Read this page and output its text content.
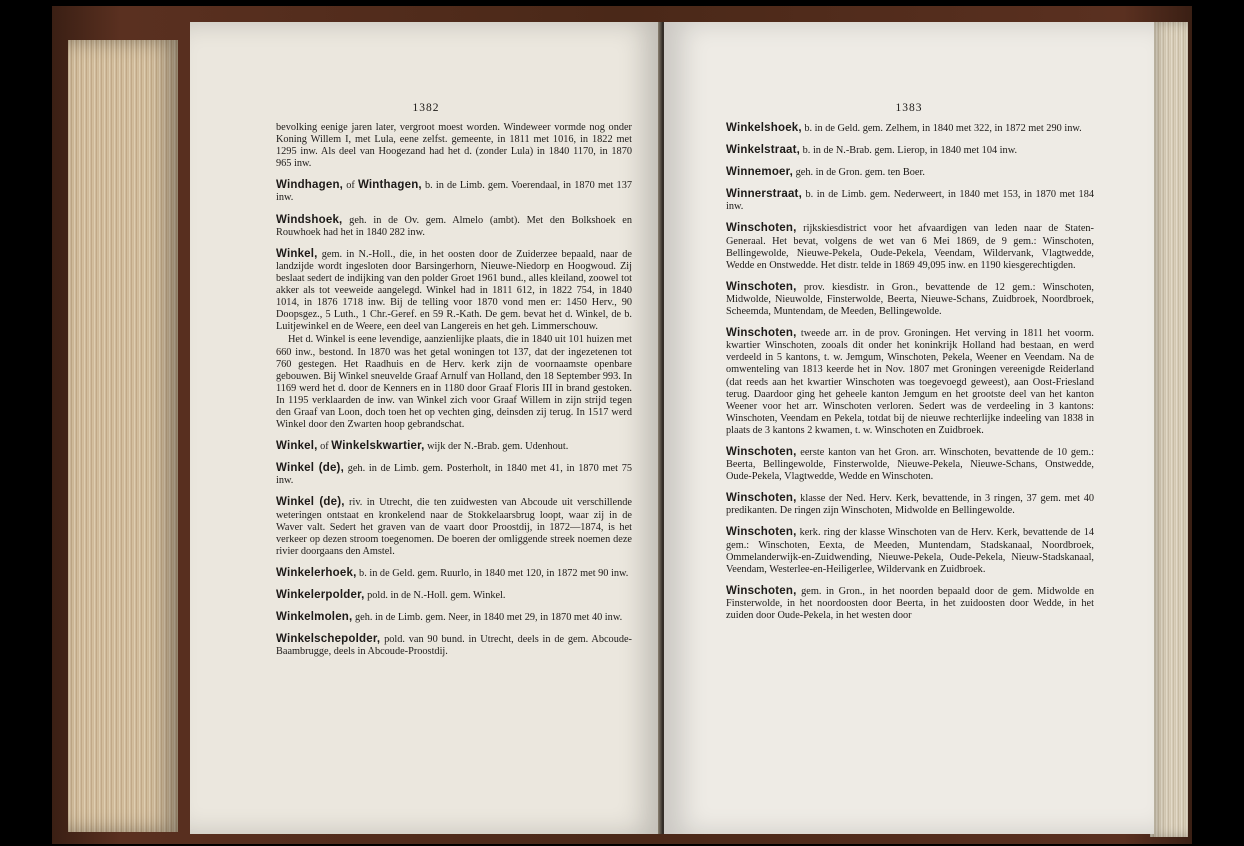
1382

bevolking eenige jaren later, vergroot moest worden. Windeweer vormde nog onder Koning Willem I, met Lula, eene zelfst. gemeente, in 1811 met 1016, in 1822 met 1295 inw. Als deel van Hoogezand had het d. (zonder Lula) in 1840 1170, in 1870 965 inw.

Windhagen, of Winthagen, b. in de Limb. gem. Voerendaal, in 1870 met 137 inw.

Windshoek, geh. in de Ov. gem. Almelo (ambt). Met den Bolkshoek en Rouwhoek had het in 1840 282 inw.

Winkel, gem. in N.-Holl., die, in het oosten door de Zuiderzee bepaald, naar de landzijde wordt ingesloten door Barsingerhorn, Nieuwe-Niedorp en Hoogwoud. Zij beslaat sedert de indijking van den polder Groet 1961 bund., alles kleiland, zoowel tot akker als tot veeweide aangelegd. Winkel had in 1811 612, in 1822 754, in 1840 1014, in 1876 1718 inw. Bij de telling voor 1870 vond men er: 1450 Herv., 90 Doopsgez., 5 Luth., 1 Chr.-Geref. en 59 R.-Kath. De gem. bevat het d. Winkel, de b. Luitjewinkel en de Weere, een deel van Langereis en het geh. Limmerschouw.

Het d. Winkel is eene levendige, aanzienlijke plaats, die in 1840 uit 101 huizen met 660 inw., bestond. In 1870 was het getal woningen tot 137, dat der ingezetenen tot 760 gestegen. Het Raadhuis en de Herv. kerk zijn de voornaamste openbare gebouwen. Bij Winkel sneuvelde Graaf Arnulf van Holland, den 18 September 993. In 1169 werd het d. door de Kenners en in 1180 door Graaf Floris III in brand gestoken. In 1195 verklaarden de inw. van Winkel zich voor Graaf Willem in zijn strijd tegen den Graaf van Loon, doch toen het op vechten ging, deinsden zij terug. In 1517 werd Winkel door den Zwarten hoop gebrandschat.

Winkel, of Winkelskwartier, wijk der N.-Brab. gem. Udenhout.

Winkel (de), geh. in de Limb. gem. Posterholt, in 1840 met 41, in 1870 met 75 inw.

Winkel (de), riv. in Utrecht, die ten zuidwesten van Abcoude uit verschillende weteringen ontstaat en kronkelend naar de Stokkelaarsbrug loopt, waar zij in de Waver valt. Sedert het graven van de vaart door Proostdij, in 1872—1874, is het verkeer op dezen stroom toegenomen. De boeren der omliggende streek noemen deze rivier doorgaans den Amstel.

Winkelerhoek, b. in de Geld. gem. Ruurlo, in 1840 met 120, in 1872 met 90 inw.

Winkelerpolder, pold. in de N.-Holl. gem. Winkel.

Winkelmolen, geh. in de Limb. gem. Neer, in 1840 met 29, in 1870 met 40 inw.

Winkelschepolder, pold. van 90 bund. in Utrecht, deels in de gem. Abcoude-Baambrugge, deels in Abcoude-Proostdij.

1383

Winkelshoek, b. in de Geld. gem. Zelhem, in 1840 met 322, in 1872 met 290 inw.

Winkelstraat, b. in de N.-Brab. gem. Lierop, in 1840 met 104 inw.

Winnemoer, geh. in de Gron. gem. ten Boer.

Winnerstraat, b. in de Limb. gem. Nederweert, in 1840 met 153, in 1870 met 184 inw.

Winschoten, rijkskiesdistrict voor het afvaardigen van leden naar de Staten-Generaal. Het bevat, volgens de wet van 6 Mei 1869, de 9 gem.: Winschoten, Bellingewolde, Nieuwe-Pekela, Oude-Pekela, Veendam, Wildervank, Vlagtwedde, Wedde en Onstwedde. Het distr. telde in 1869 49,095 inw. en 1190 kiesgerechtigden.

Winschoten, prov. kiesdistr. in Gron., bevattende de 12 gem.: Winschoten, Midwolde, Nieuwolde, Finsterwolde, Beerta, Nieuwe-Schans, Zuidbroek, Noordbroek, Scheemda, Muntendam, de Meeden, Bellingewolde.

Winschoten, tweede arr. in de prov. Groningen. Het verving in 1811 het voorm. kwartier Winschoten, zooals dit onder het koninkrijk Holland had bestaan, en werd verdeeld in 5 kantons, t. w. Jemgum, Winschoten, Pekela, Weener en Veendam. Na de omwenteling van 1813 keerde het in Nov. 1807 met Groningen vereenigde Reiderland (dat reeds aan het kwartier Winschoten was toegevoegd geweest), aan Oost-Friesland terug. Daardoor ging het geheele kanton Jemgum en het grootste deel van het kanton Weener voor het arr. Winschoten verloren. Sedert was de verdeeling in 3 kantons: Winschoten, Veendam en Pekela, totdat bij de nieuwe rechterlijke indeeling van 1838 in plaats de 3 kantons 2 kwamen, t. w. Winschoten en Zuidbroek.

Winschoten, eerste kanton van het Gron. arr. Winschoten, bevattende de 10 gem.: Beerta, Bellingewolde, Finsterwolde, Nieuwe-Pekela, Nieuwe-Schans, Onstwedde, Oude-Pekela, Vlagtwedde, Wedde en Winschoten.

Winschoten, klasse der Ned. Herv. Kerk, bevattende, in 3 ringen, 37 gem. met 40 predikanten. De ringen zijn Winschoten, Midwolde en Bellingewolde.

Winschoten, kerk. ring der klasse Winschoten van de Herv. Kerk, bevattende de 14 gem.: Winschoten, Eexta, de Meeden, Muntendam, Stadskanaal, Noordbroek, Ommelanderwijk-en-Zuidwending, Nieuwe-Pekela, Oude-Pekela, Nieuw-Stadskanaal, Veendam, Westerlee-en-Heiligerlee, Wildervank en Zuidbroek.

Winschoten, gem. in Gron., in het noorden bepaald door de gem. Midwolde en Finsterwolde, in het noordoosten door Beerta, in het zuidoosten door Wedde, in het zuiden door Oude-Pekela, in het westen door
